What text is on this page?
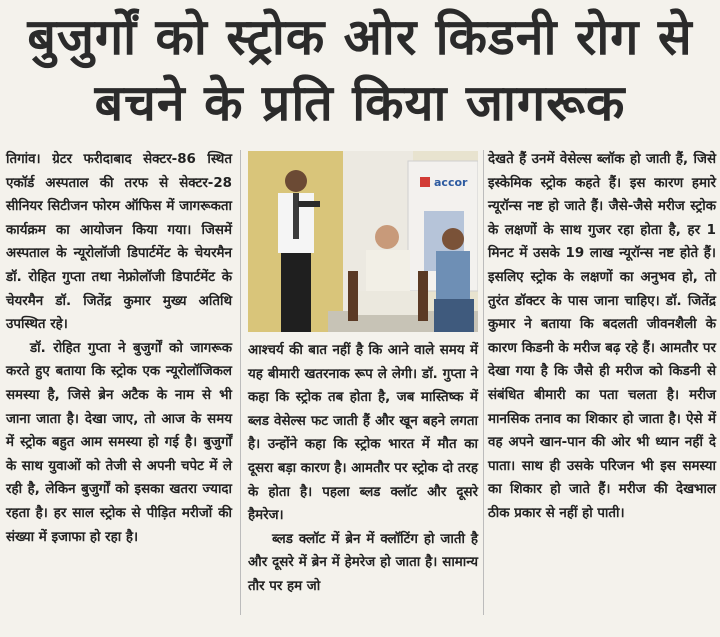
बुजुर्गों को स्ट्रोक ओर किडनी रोग से बचने के प्रति किया जागरूक

तिगांव। ग्रेटर फरीदाबाद सेक्टर-86 स्थित एकॉर्ड अस्पताल की तरफ से सेक्टर-28 सीनियर सिटीजन फोरम ऑफिस में जागरूकता कार्यक्रम का आयोजन किया गया। जिसमें अस्पताल के न्यूरोलॉजी डिपार्टमेंट के चेयरमैन डॉ. रोहित गुप्ता तथा नेफ्रोलॉजी डिपार्टमेंट के चेयरमैन डॉ. जितेंद्र कुमार मुख्य अतिथि उपस्थित रहे।

डॉ. रोहित गुप्ता ने बुजुर्गों को जागरूक करते हुए बताया कि स्ट्रोक एक न्यूरोलॉजिकल समस्या है, जिसे ब्रेन अटैक के नाम से भी जाना जाता है। देखा जाए, तो आज के समय में स्ट्रोक बहुत आम समस्या हो गई है। बुजुर्गों के साथ युवाओं को तेजी से अपनी चपेट में ले रही है, लेकिन बुजुर्गों को इसका खतरा ज्यादा रहता है। हर साल स्ट्रोक से पीड़ित मरीजों की संख्या में इजाफा हो रहा है।

accor

आश्चर्य की बात नहीं है कि आने वाले समय में यह बीमारी खतरनाक रूप ले लेगी। डॉ. गुप्ता ने कहा कि स्ट्रोक तब होता है, जब मास्तिष्क में ब्लड वेसेल्स फट जाती हैं और खून बहने लगता है। उन्होंने कहा कि स्ट्रोक भारत में मौत का दूसरा बड़ा कारण है। आमतौर पर स्ट्रोक दो तरह के होता है। पहला ब्लड क्लॉट और दूसरे हैमरेज।

ब्लड क्लॉट में ब्रेन में क्लॉटिंग हो जाती है और दूसरे में ब्रेन में हेमरेज हो जाता है। सामान्य तौर पर हम जो

देखते हैं उनमें वेसेल्स ब्लॉक हो जाती हैं, जिसे इस्केमिक स्ट्रोक कहते हैं। इस कारण हमारे न्यूरॉन्स नष्ट हो जाते हैं। जैसे-जैसे मरीज स्ट्रोक के लक्षणों के साथ गुजर रहा होता है, हर 1 मिनट में उसके 19 लाख न्यूरॉन्स नष्ट होते हैं। इसलिए स्ट्रोक के लक्षणों का अनुभव हो, तो तुरंत डॉक्टर के पास जाना चाहिए। डॉ. जितेंद्र कुमार ने बताया कि बदलती जीवनशैली के कारण किडनी के मरीज बढ़ रहे हैं। आमतौर पर देखा गया है कि जैसे ही मरीज को किडनी से संबंधित बीमारी का पता चलता है। मरीज मानसिक तनाव का शिकार हो जाता है। ऐसे में वह अपने खान-पान की ओर भी ध्यान नहीं दे पाता। साथ ही उसके परिजन भी इस समस्या का शिकार हो जाते हैं। मरीज की देखभाल ठीक प्रकार से नहीं हो पाती।
